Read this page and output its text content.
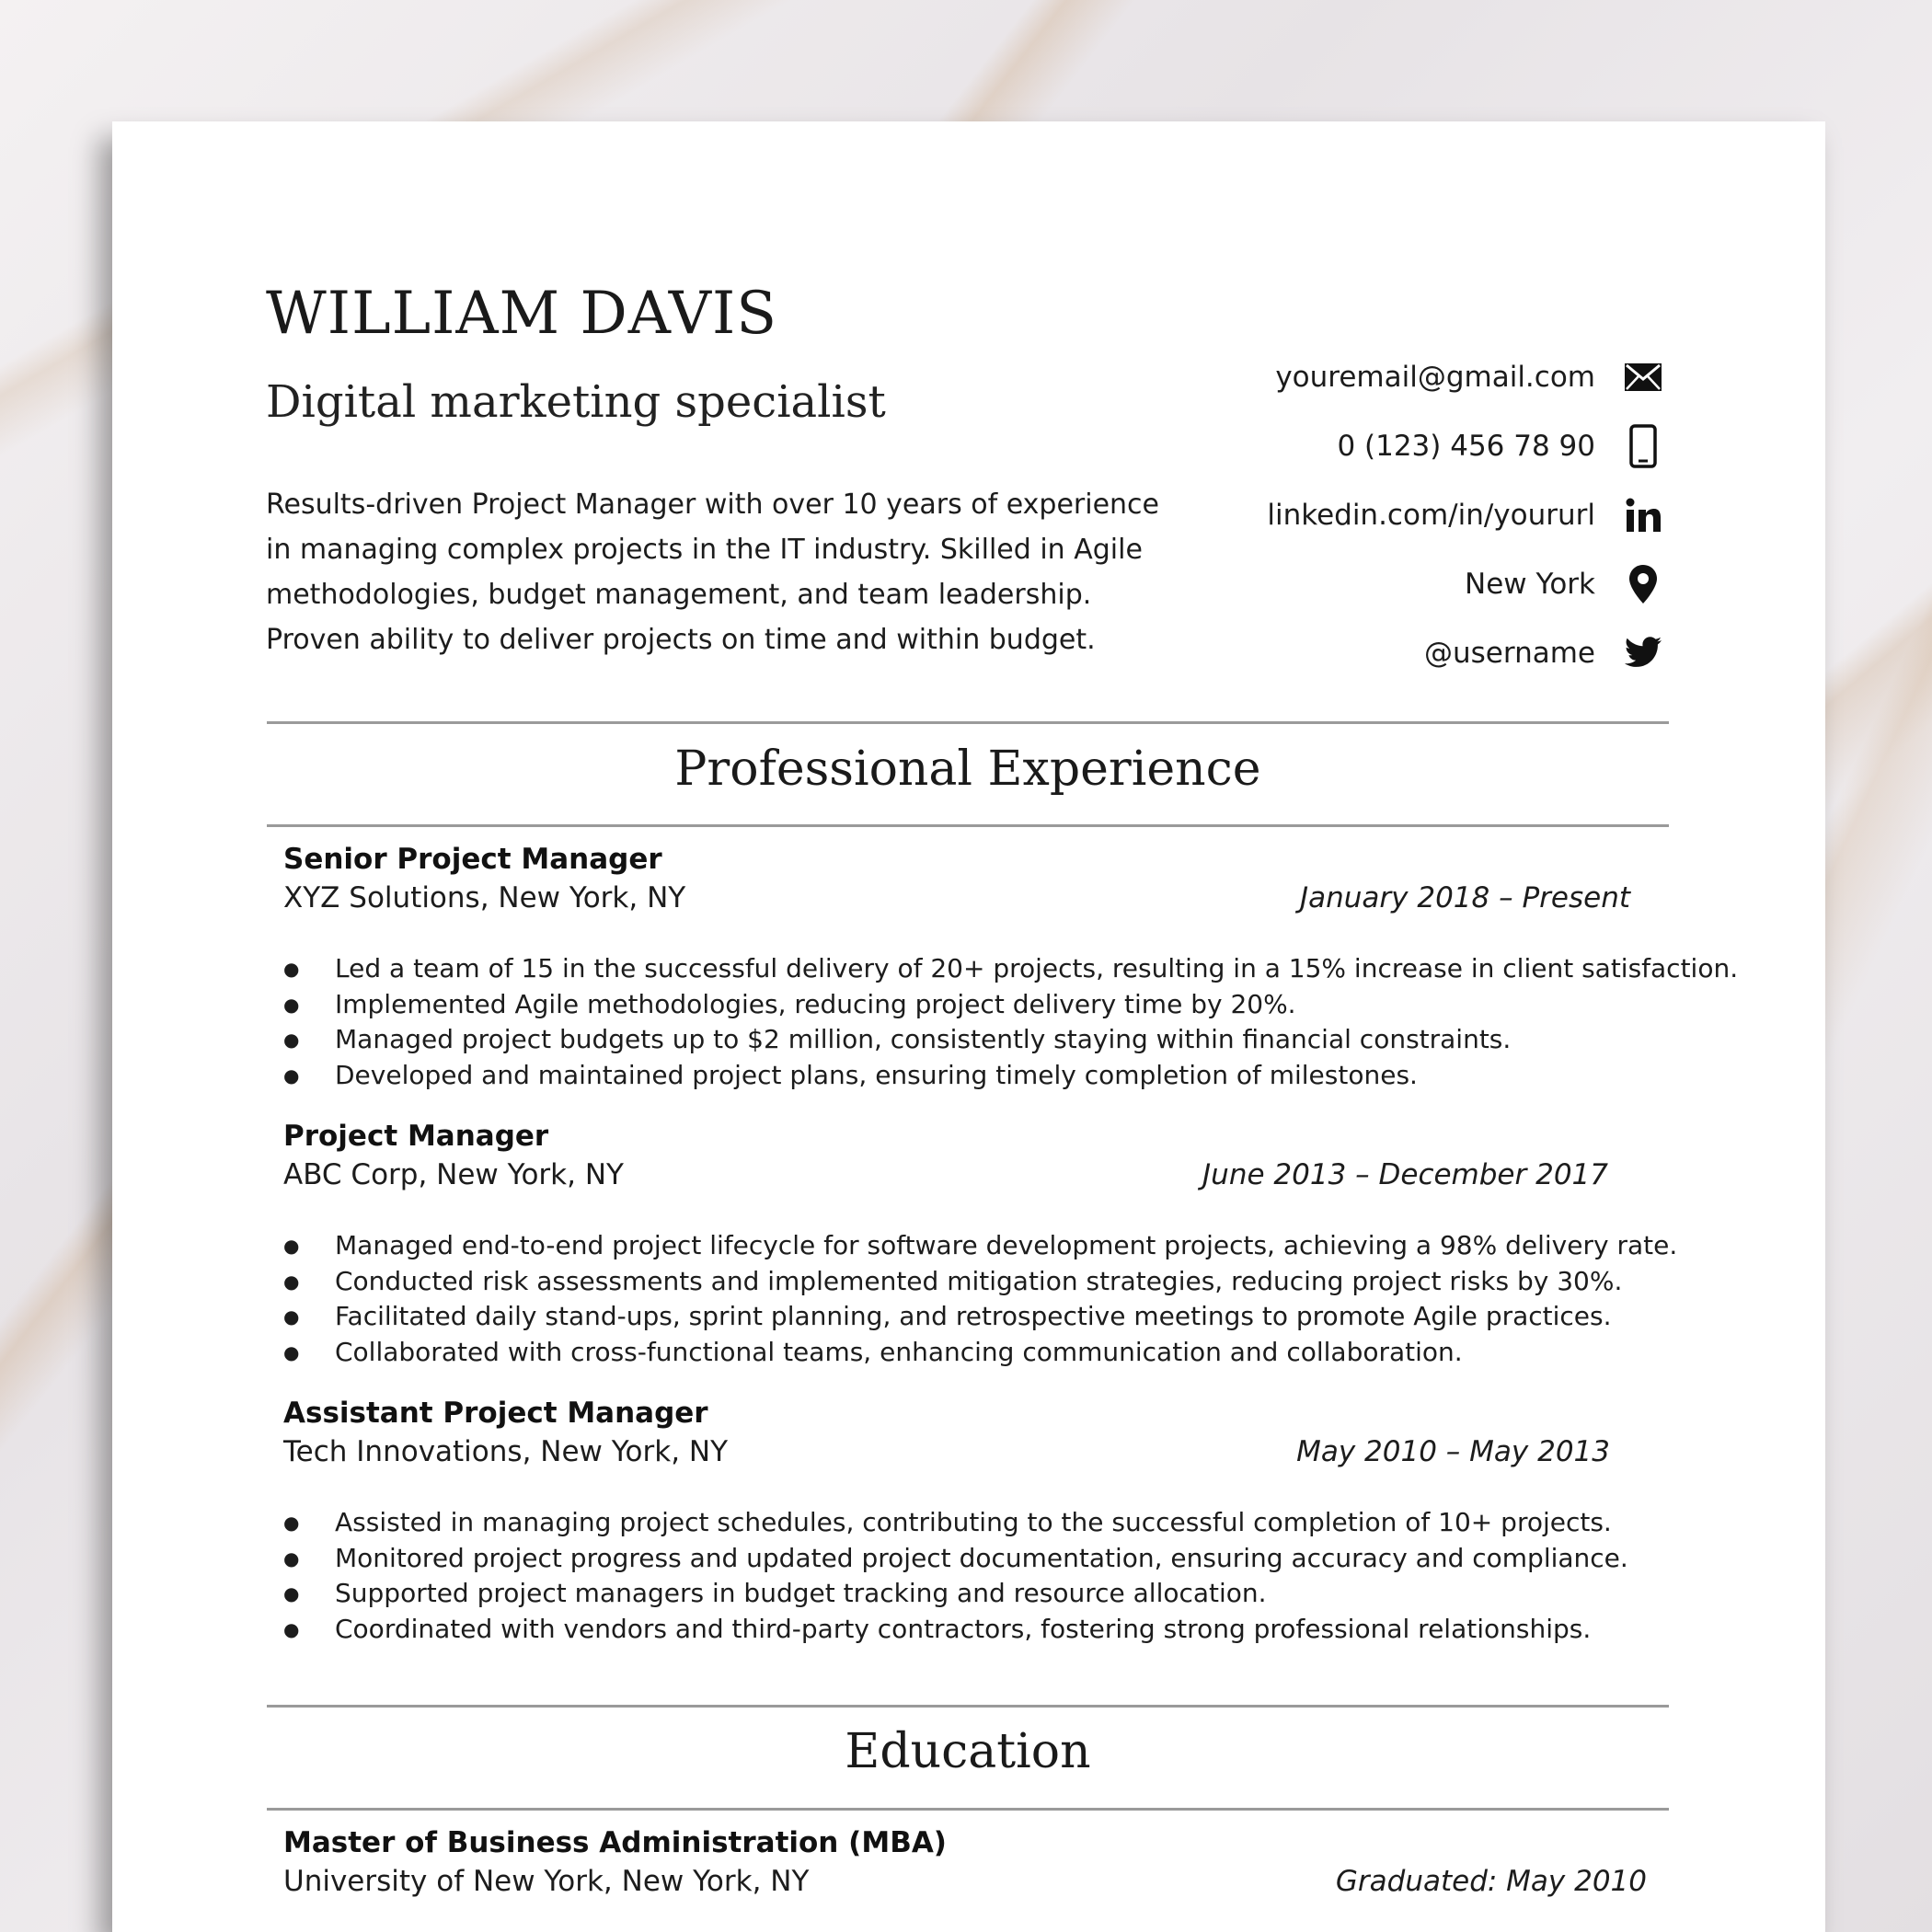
WILLIAM DAVIS
Digital marketing specialist
Results-driven Project Manager with over 10 years of experience in managing complex projects in the IT industry. Skilled in Agile methodologies, budget management, and team leadership. Proven ability to deliver projects on time and within budget.
youremail@gmail.com
0 (123) 456 78 90
linkedin.com/in/yoururl
New York
@username
Professional Experience
Senior Project Manager
XYZ Solutions, New York, NY	January 2018 – Present
● Led a team of 15 in the successful delivery of 20+ projects, resulting in a 15% increase in client satisfaction.
● Implemented Agile methodologies, reducing project delivery time by 20%.
● Managed project budgets up to $2 million, consistently staying within financial constraints.
● Developed and maintained project plans, ensuring timely completion of milestones.
Project Manager
ABC Corp, New York, NY	June 2013 – December 2017
● Managed end-to-end project lifecycle for software development projects, achieving a 98% delivery rate.
● Conducted risk assessments and implemented mitigation strategies, reducing project risks by 30%.
● Facilitated daily stand-ups, sprint planning, and retrospective meetings to promote Agile practices.
● Collaborated with cross-functional teams, enhancing communication and collaboration.
Assistant Project Manager
Tech Innovations, New York, NY	May 2010 – May 2013
● Assisted in managing project schedules, contributing to the successful completion of 10+ projects.
● Monitored project progress and updated project documentation, ensuring accuracy and compliance.
● Supported project managers in budget tracking and resource allocation.
● Coordinated with vendors and third-party contractors, fostering strong professional relationships.
Education
Master of Business Administration (MBA)
University of New York, New York, NY	Graduated: May 2010
